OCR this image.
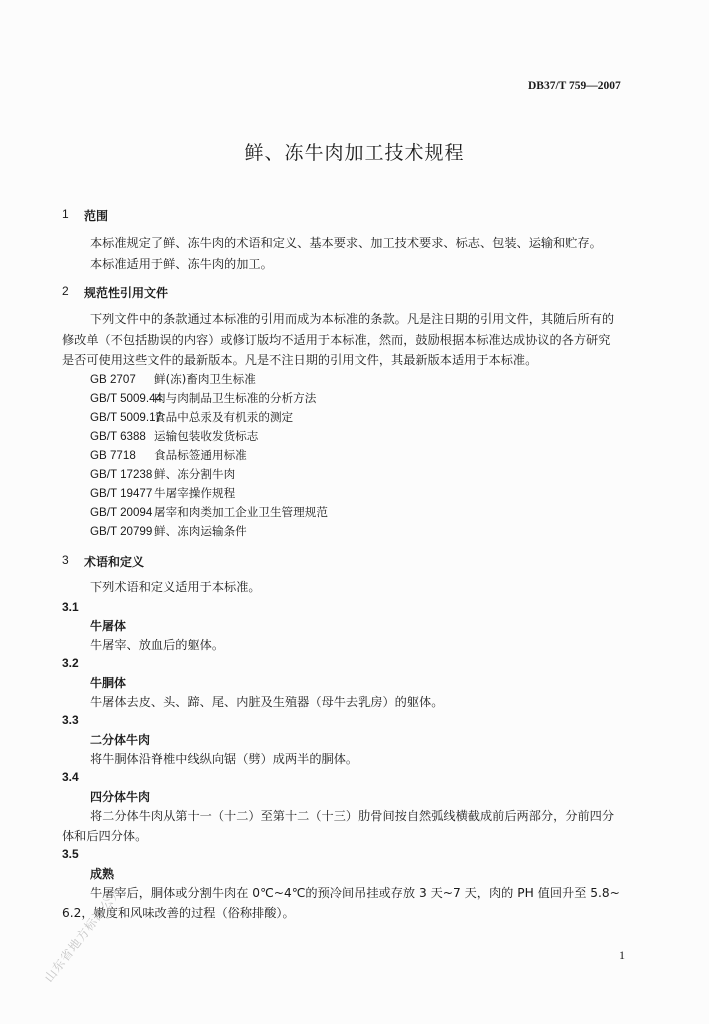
DB37/T 759—2007
鲜、冻牛肉加工技术规程
1 范围
本标准规定了鲜、冻牛肉的术语和定义、基本要求、加工技术要求、标志、包装、运输和贮存。
本标准适用于鲜、冻牛肉的加工。
2 规范性引用文件
下列文件中的条款通过本标准的引用而成为本标准的条款。凡是注日期的引用文件，其随后所有的
修改单（不包括勘误的内容）或修订版均不适用于本标准，然而，鼓励根据本标准达成协议的各方研究
是否可使用这些文件的最新版本。凡是不注日期的引用文件，其最新版本适用于本标准。
GB 2707 鲜(冻)畜肉卫生标准
GB/T 5009.44肉与肉制品卫生标准的分析方法
GB/T 5009.17食品中总汞及有机汞的测定
GB/T 6388 运输包装收发货标志
GB 7718 食品标签通用标准
GB/T 17238 鲜、冻分割牛肉
GB/T 19477 牛屠宰操作规程
GB/T 20094 屠宰和肉类加工企业卫生管理规范
GB/T 20799 鲜、冻肉运输条件
3 术语和定义
下列术语和定义适用于本标准。
3.1
牛屠体
牛屠宰、放血后的躯体。
3.2
牛胴体
牛屠体去皮、头、蹄、尾、内脏及生殖器（母牛去乳房）的躯体。
3.3
二分体牛肉
将牛胴体沿脊椎中线纵向锯（劈）成两半的胴体。
3.4
四分体牛肉
将二分体牛肉从第十一（十二）至第十二（十三）肋骨间按自然弧线横截成前后两部分，分前四分
体和后四分体。
3.5
成熟
牛屠宰后，胴体或分割牛肉在 0℃~4℃的预冷间吊挂或存放 3 天~7 天，肉的 PH 值回升至 5.8~
6.2，嫩度和风味改善的过程（俗称排酸）。
山东省地方标准公开	1
